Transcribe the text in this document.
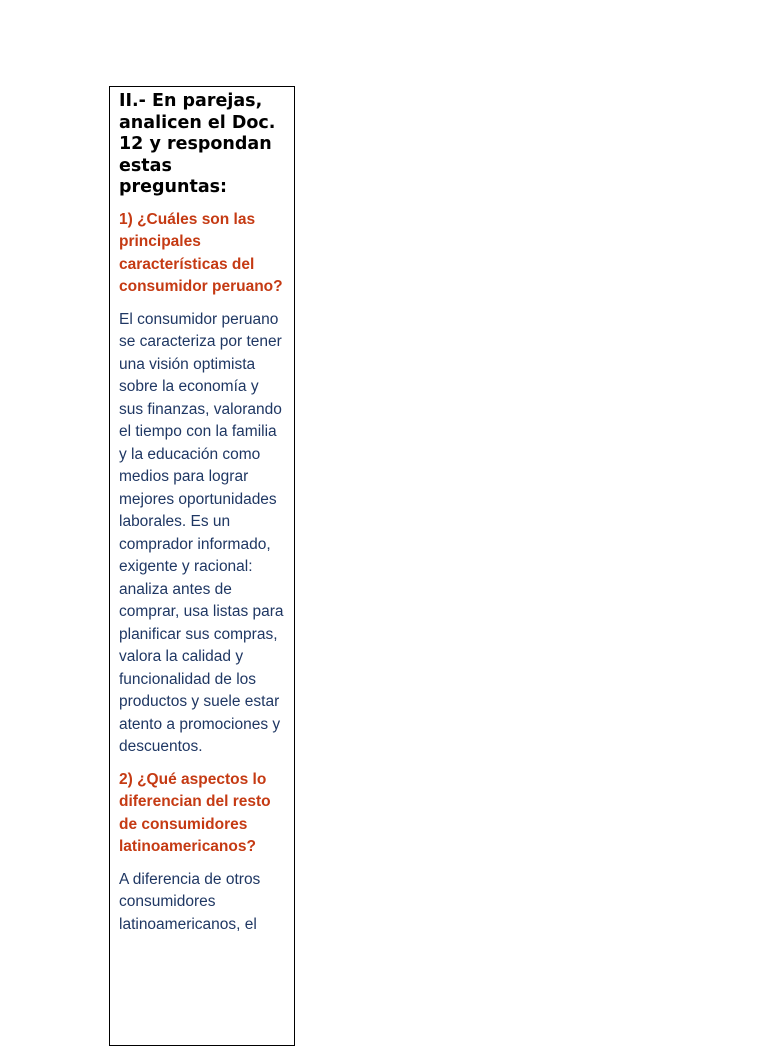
II.- En parejas, analicen el Doc. 12 y respondan estas preguntas:

1) ¿Cuáles son las principales características del consumidor peruano?

El consumidor peruano se caracteriza por tener una visión optimista sobre la economía y sus finanzas, valorando el tiempo con la familia y la educación como medios para lograr mejores oportunidades laborales. Es un comprador informado, exigente y racional: analiza antes de comprar, usa listas para planificar sus compras, valora la calidad y funcionalidad de los productos y suele estar atento a promociones y descuentos.

2) ¿Qué aspectos lo diferencian del resto de consumidores latinoamericanos?

A diferencia de otros consumidores latinoamericanos, el
